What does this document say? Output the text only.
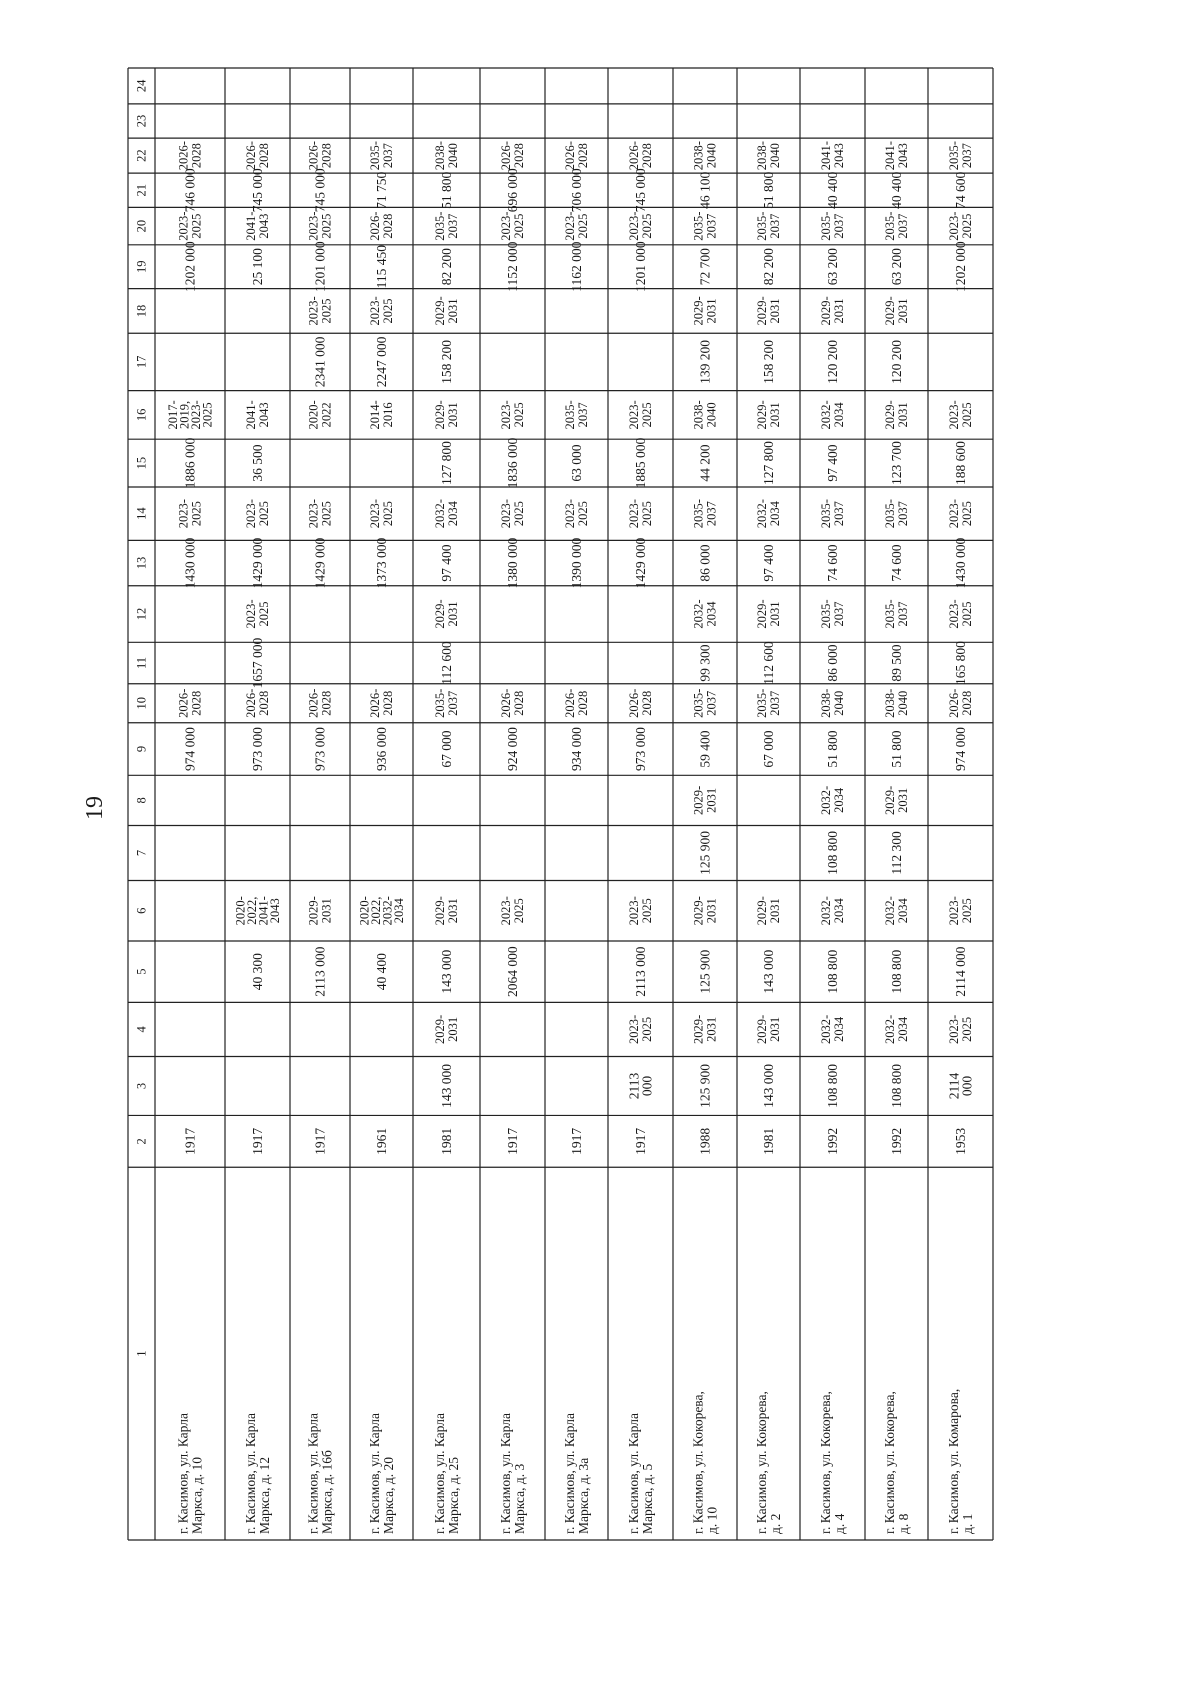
19
1
2
3
4
5
6
7
8
9
10
11
12
13
14
15
16
17
18
19
20
21
22
23
24
г. Касимов, ул. Карла Маркса, д. 10
1917
974 000
2026- 2028
1430 000
2023- 2025
1886 000
2017-
2019,
2023-
2025
1202 000
2023- 2025
746 000
2026- 2028
г. Касимов, ул. Карла Маркса, д. 12
1917
40 300
2020-
2022,
2041-
2043
973 000
2026- 2028
1657 000
2023- 2025
1429 000
2023- 2025
36 500
2041- 2043
25 100
2041- 2043
745 000
2026- 2028
г. Касимов, ул. Карла Маркса, д. 16б
1917
2113 000
2029- 2031
973 000
2026- 2028
1429 000
2023- 2025
2020- 2022
2341 000
2023- 2025
1201 000
2023- 2025
745 000
2026- 2028
г. Касимов, ул. Карла Маркса, д. 20
1961
40 400
2020-
2022,
2032-
2034
936 000
2026- 2028
1373 000
2023- 2025
2014- 2016
2247 000
2023- 2025
115 450
2026- 2028
71 750
2035- 2037
г. Касимов, ул. Карла Маркса, д. 25
1981
143 000
2029- 2031
143 000
2029- 2031
67 000
2035- 2037
112 600
2029- 2031
97 400
2032- 2034
127 800
2029- 2031
158 200
2029- 2031
82 200
2035- 2037
51 800
2038- 2040
г. Касимов, ул. Карла Маркса, д. 3
1917
2064 000
2023- 2025
924 000
2026- 2028
1380 000
2023- 2025
1836 000
2023- 2025
1152 000
2023- 2025
696 000
2026- 2028
г. Касимов, ул. Карла Маркса, д. 3а
1917
934 000
2026- 2028
1390 000
2023- 2025
63 000
2035- 2037
1162 000
2023- 2025
706 000
2026- 2028
г. Касимов, ул. Карла Маркса, д. 5
1917
2113
000
2023- 2025
2113 000
2023- 2025
973 000
2026- 2028
1429 000
2023- 2025
1885 000
2023- 2025
1201 000
2023- 2025
745 000
2026- 2028
г. Касимов, ул. Кокорева, д. 10
1988
125 900
2029- 2031
125 900
2029- 2031
125 900
2029- 2031
59 400
2035- 2037
99 300
2032- 2034
86 000
2035- 2037
44 200
2038- 2040
139 200
2029- 2031
72 700
2035- 2037
46 100
2038- 2040
г. Касимов, ул. Кокорева, д. 2
1981
143 000
2029- 2031
143 000
2029- 2031
67 000
2035- 2037
112 600
2029- 2031
97 400
2032- 2034
127 800
2029- 2031
158 200
2029- 2031
82 200
2035- 2037
51 800
2038- 2040
г. Касимов, ул. Кокорева, д. 4
1992
108 800
2032- 2034
108 800
2032- 2034
108 800
2032- 2034
51 800
2038- 2040
86 000
2035- 2037
74 600
2035- 2037
97 400
2032- 2034
120 200
2029- 2031
63 200
2035- 2037
40 400
2041- 2043
г. Касимов, ул. Кокорева, д. 8
1992
108 800
2032- 2034
108 800
2032- 2034
112 300
2029- 2031
51 800
2038- 2040
89 500
2035- 2037
74 600
2035- 2037
123 700
2029- 2031
120 200
2029- 2031
63 200
2035- 2037
40 400
2041- 2043
г. Касимов, ул. Комарова, д. 1
1953
2114
000
2023- 2025
2114 000
2023- 2025
974 000
2026- 2028
165 800
2023- 2025
1430 000
2023- 2025
188 600
2023- 2025
1202 000
2023- 2025
74 600
2035- 2037
